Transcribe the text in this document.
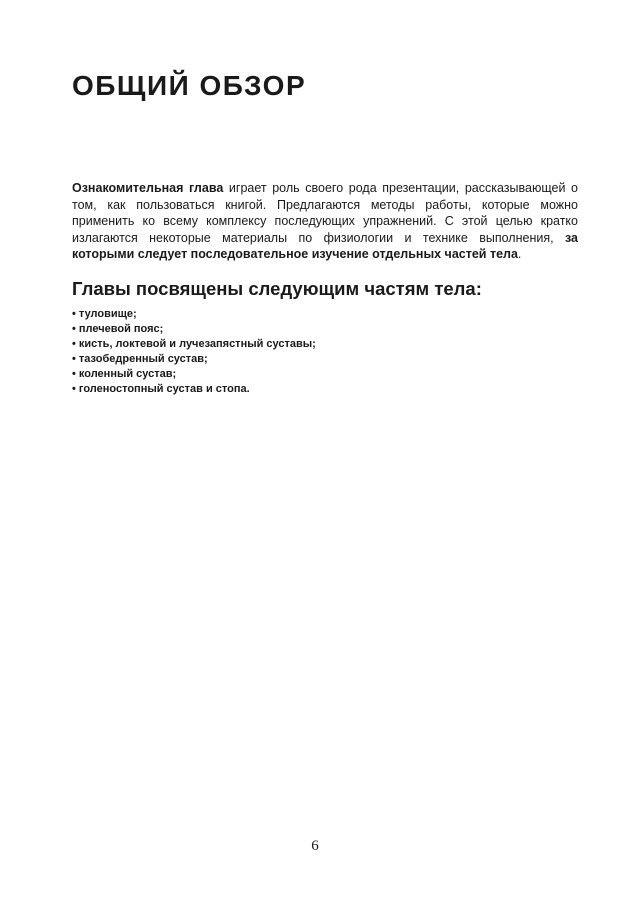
ОБЩИЙ ОБЗОР

Ознакомительная глава играет роль своего рода презентации, рассказывающей о том, как пользоваться книгой. Предлагаются методы работы, которые можно применить ко всему комплексу последующих упражнений. С этой целью кратко излагаются некоторые материалы по физиологии и технике выполнения, за которыми следует последовательное изучение отдельных частей тела.

Главы посвящены следующим частям тела:
• туловище;
• плечевой пояс;
• кисть, локтевой и лучезапястный суставы;
• тазобедренный сустав;
• коленный сустав;
• голеностопный сустав и стопа.
6
